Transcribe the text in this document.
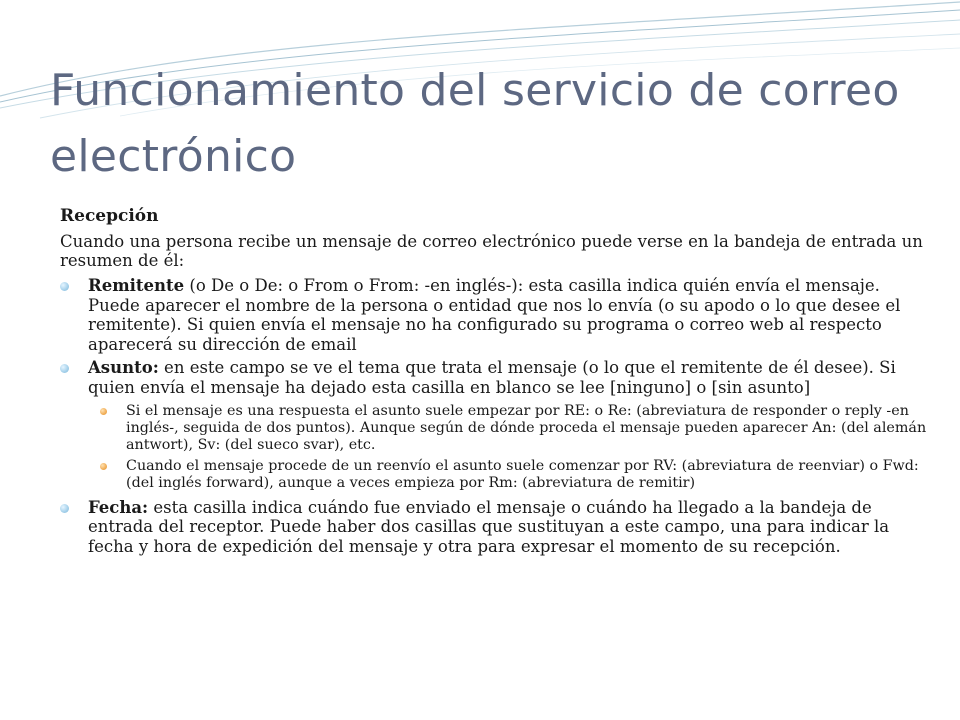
Funcionamiento del servicio de correo electrónico

Recepción

Cuando una persona recibe un mensaje de correo electrónico puede verse en la bandeja de entrada un resumen de él:

Remitente (o De o De: o From o From: -en inglés-): esta casilla indica quién envía el mensaje. Puede aparecer el nombre de la persona o entidad que nos lo envía (o su apodo o lo que desee el remitente). Si quien envía el mensaje no ha configurado su programa o correo web al respecto aparecerá su dirección de email
Asunto: en este campo se ve el tema que trata el mensaje (o lo que el remitente de él desee). Si quien envía el mensaje ha dejado esta casilla en blanco se lee [ninguno] o [sin asunto]
Si el mensaje es una respuesta el asunto suele empezar por RE: o Re: (abreviatura de responder o reply -en inglés-, seguida de dos puntos). Aunque según de dónde proceda el mensaje pueden aparecer An: (del alemán antwort), Sv: (del sueco svar), etc.
Cuando el mensaje procede de un reenvío el asunto suele comenzar por RV: (abreviatura de reenviar) o Fwd: (del inglés forward), aunque a veces empieza por Rm: (abreviatura de remitir)
Fecha: esta casilla indica cuándo fue enviado el mensaje o cuándo ha llegado a la bandeja de entrada del receptor. Puede haber dos casillas que sustituyan a este campo, una para indicar la fecha y hora de expedición del mensaje y otra para expresar el momento de su recepción.
